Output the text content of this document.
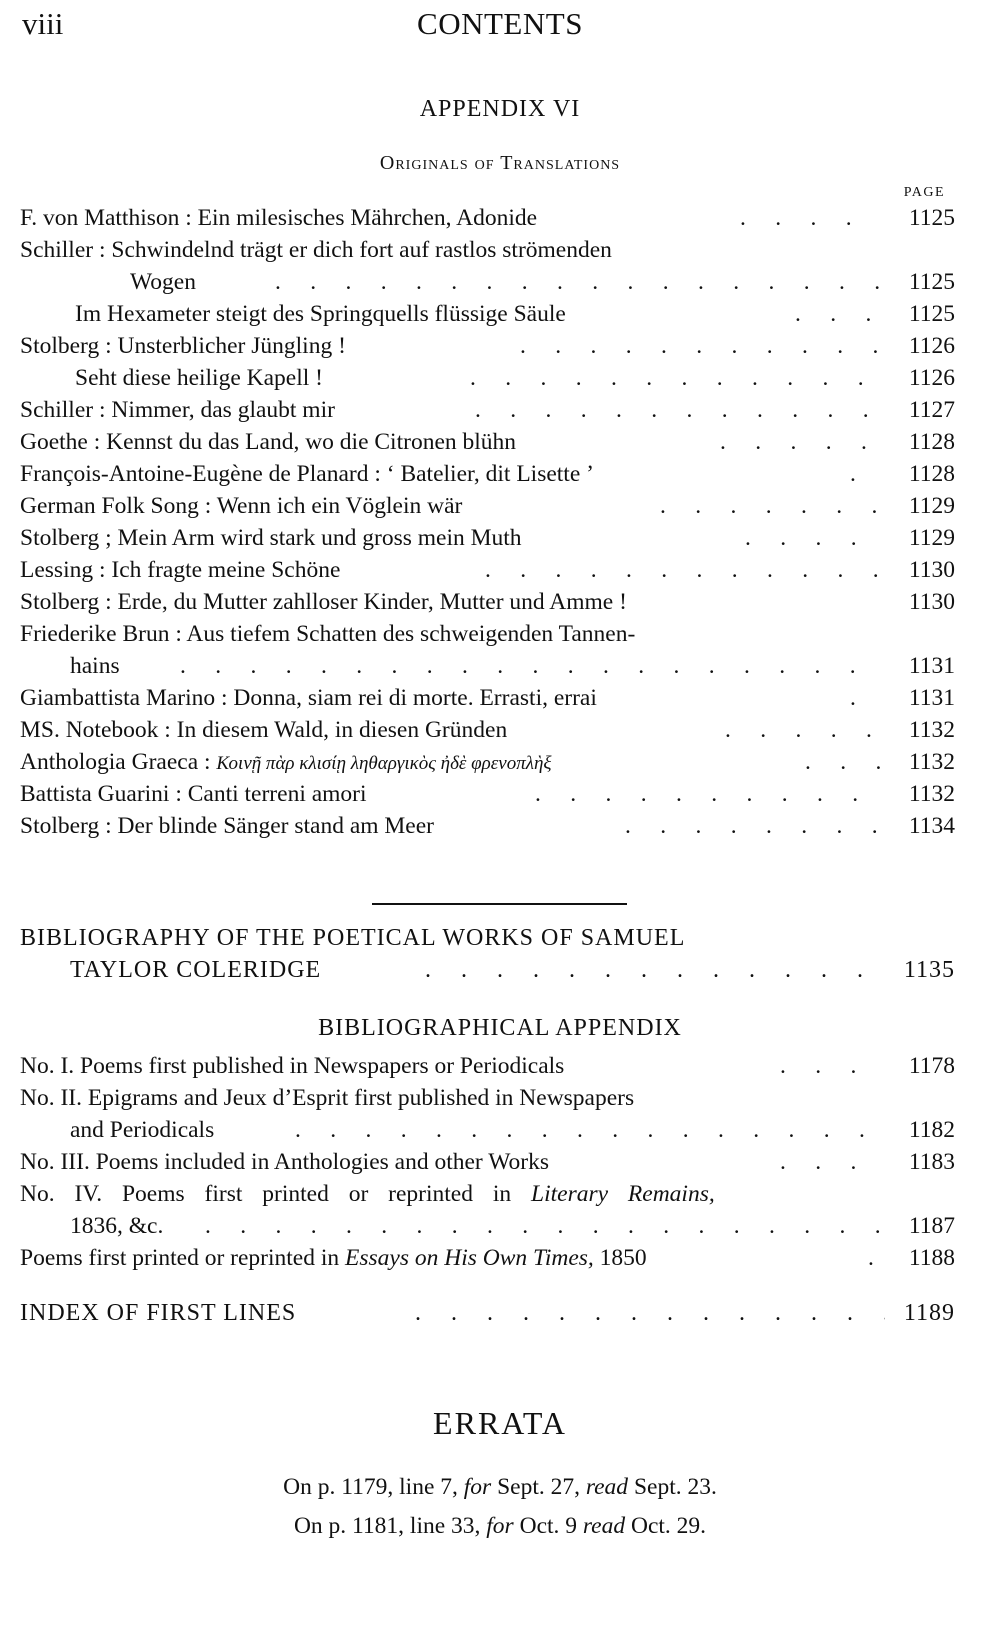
viii	CONTENTS
APPENDIX VI
Originals of Translations
PAGE
F. von Matthison : Ein milesisches Mährchen, Adonide .	1125
Schiller : Schwindelnd trägt er dich fort auf rastlos strömenden
Wogen .	1125
Im Hexameter steigt des Springquells flüssige Säule .	1125
Stolberg : Unsterblicher Jüngling ! .	1126
Seht diese heilige Kapell ! .	1126
Schiller : Nimmer, das glaubt mir .	1127
Goethe : Kennst du das Land, wo die Citronen blühn .	1128
François-Antoine-Eugène de Planard : ‘ Batelier, dit Lisette ’ .	1128
German Folk Song : Wenn ich ein Vöglein wär .	1129
Stolberg ; Mein Arm wird stark und gross mein Muth .	1129
Lessing : Ich fragte meine Schöne .	1130
Stolberg : Erde, du Mutter zahlloser Kinder, Mutter und Amme !	1130
Friederike Brun : Aus tiefem Schatten des schweigenden Tannen-
hains .	1131
Giambattista Marino : Donna, siam rei di morte. Errasti, errai .	1131
MS. Notebook : In diesem Wald, in diesen Gründen .	1132
Anthologia Graeca : Κοινῇ πὰρ κλισίῃ ληθαργικὸς ἠδὲ φρενοπλὴξ .	1132
Battista Guarini : Canti terreni amori .	1132
Stolberg : Der blinde Sänger stand am Meer .	1134
BIBLIOGRAPHY OF THE POETICAL WORKS OF SAMUEL
TAYLOR COLERIDGE .	1135
BIBLIOGRAPHICAL APPENDIX
No. I. Poems first published in Newspapers or Periodicals .	1178
No. II. Epigrams and Jeux d’Esprit first published in Newspapers
and Periodicals .	1182
No. III. Poems included in Anthologies and other Works .	1183
No. IV. Poems first printed or reprinted in Literary Remains,
1836, &c. .	1187
Poems first printed or reprinted in Essays on His Own Times, 1850 .	1188
INDEX OF FIRST LINES .	1189
ERRATA
On p. 1179, line 7, for Sept. 27, read Sept. 23.
On p. 1181, line 33, for Oct. 9 read Oct. 29.
